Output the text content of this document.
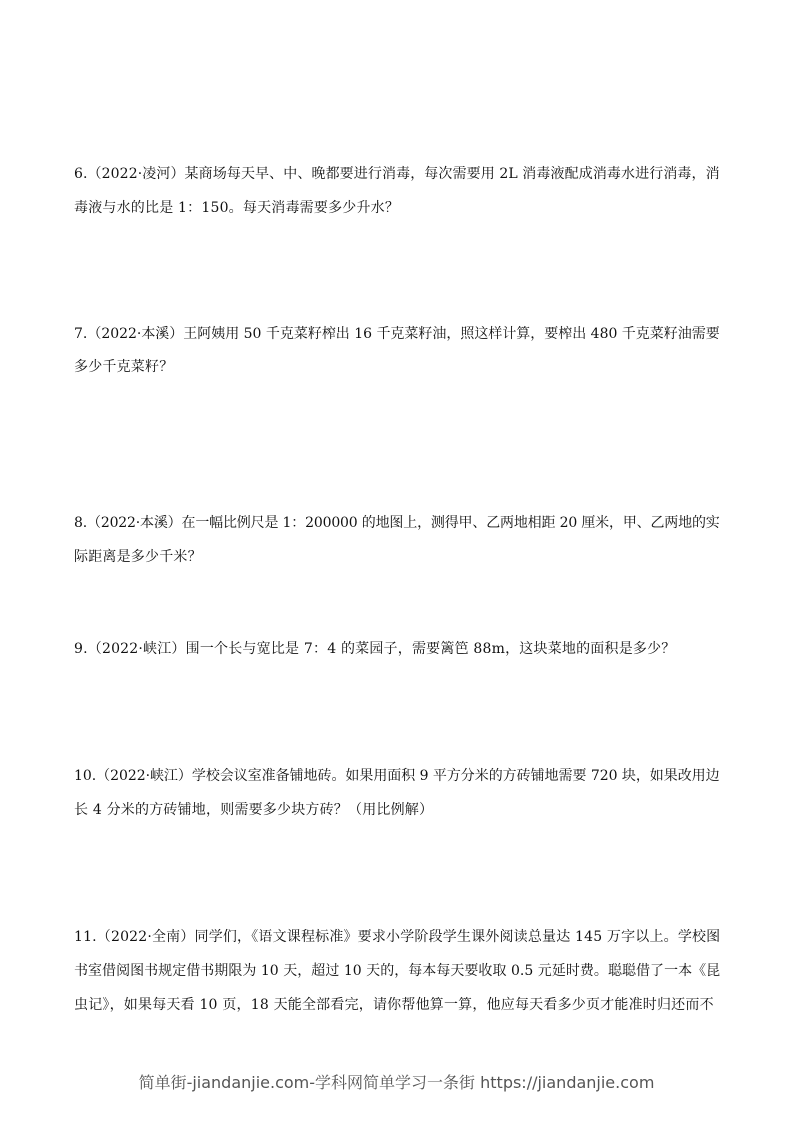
6.（2022·凌河）某商场每天早、中、晚都要进行消毒，每次需要用 2L 消毒液配成消毒水进行消毒，消
毒液与水的比是 1：150。每天消毒需要多少升水？
7.（2022·本溪）王阿姨用 50 千克菜籽榨出 16 千克菜籽油，照这样计算，要榨出 480 千克菜籽油需要
多少千克菜籽？
8.（2022·本溪）在一幅比例尺是 1：200000 的地图上，测得甲、乙两地相距 20 厘米，甲、乙两地的实
际距离是多少千米？
9.（2022·峡江）围一个长与宽比是 7：4 的菜园子，需要篱笆 88m，这块菜地的面积是多少？
10.（2022·峡江）学校会议室准备铺地砖。如果用面积 9 平方分米的方砖铺地需要 720 块，如果改用边
长 4 分米的方砖铺地，则需要多少块方砖？（用比例解）
11.（2022·全南）同学们，《语文课程标准》要求小学阶段学生课外阅读总量达 145 万字以上。学校图
书室借阅图书规定借书期限为 10 天，超过 10 天的，每本每天要收取 0.5 元延时费。聪聪借了一本《昆
虫记》，如果每天看 10 页，18 天能全部看完，请你帮他算一算，他应每天看多少页才能准时归还而不
简单街-jiandanjie.com-学科网简单学习一条街 https://jiandanjie.com
